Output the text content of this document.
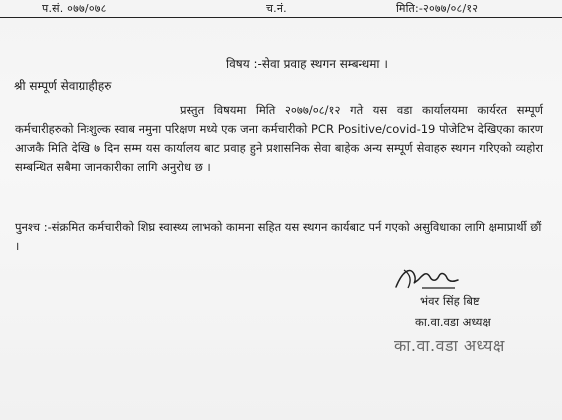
प.सं. ०७७/०७८	च.नं.	मिति:-२०७७/०८/१२
विषय :-सेवा प्रवाह स्थगन सम्बन्धमा ।
श्री सम्पूर्ण सेवाग्राहीहरु
प्रस्तुत विषयमा मिति २०७७/०८/१२ गते यस वडा कार्यालयमा कार्यरत सम्पूर्ण कर्मचारीहरुको निःशुल्क स्वाब नमुना परिक्षण मध्ये एक जना कर्मचारीको PCR Positive/covid-19 पोजेटिभ देखिएका कारण आजकै मिति देखि ७ दिन सम्म यस कार्यालय बाट प्रवाह हुने प्रशासनिक सेवा बाहेक अन्य सम्पूर्ण सेवाहरु स्थगन गरिएको व्यहोरा सम्बन्धित सबैमा जानकारीका लागि अनुरोध छ ।
पुनश्च :-संक्रमित कर्मचारीको शिघ्र स्वास्थ्य लाभको कामना सहित यस स्थगन कार्यबाट पर्न गएको असुविधाका लागि क्षमाप्रार्थी छौं ।
भंवर सिंह बिष्ट
का.वा.वडा अध्यक्ष
का.वा.वडा अध्यक्ष
